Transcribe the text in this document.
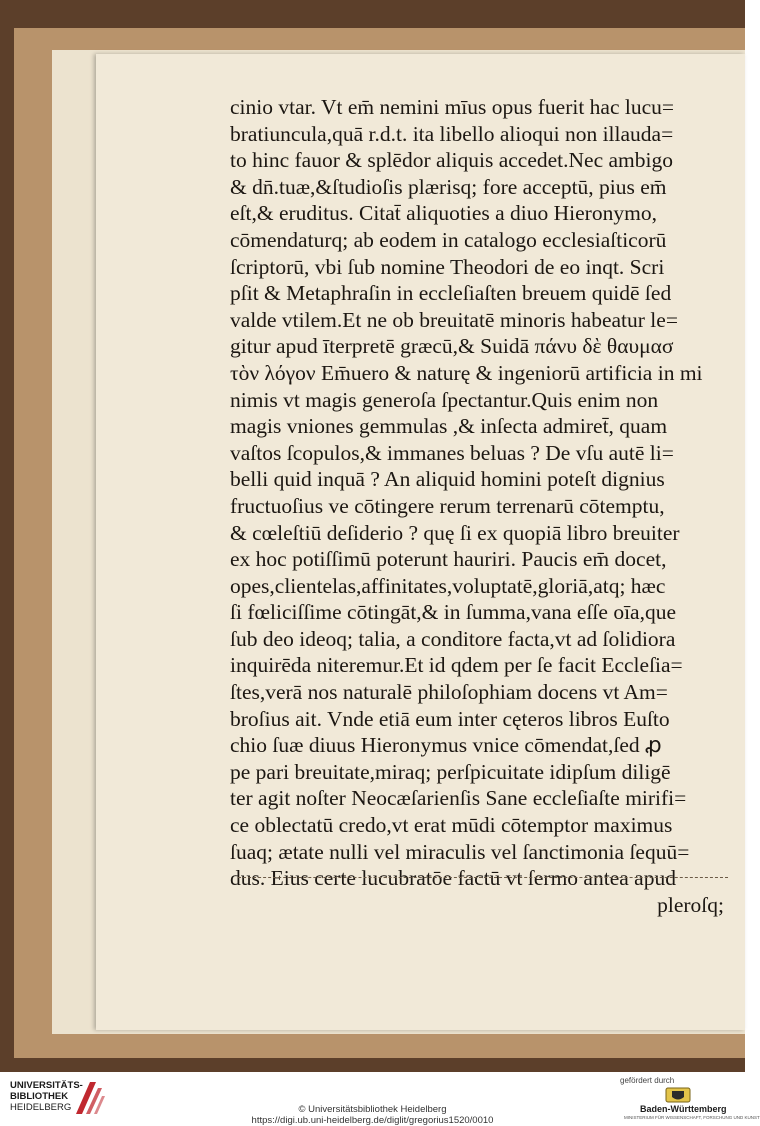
cinio vtar. Vt em̄ nemini mīus opus fuerit hac lucu=
bratiuncula,quā r.d.t. ita libello alioqui non illauda=
to hinc fauor & splēdor aliquis accedet.Nec ambigo
& dn̄.tuæ,&ſtudioſis plærisq; fore acceptū, pius em̄
eſt,& eruditus. Citat̄ aliquoties a diuo Hieronymo,
cōmendaturq; ab eodem in catalogo ecclesiaſticorū
ſcriptorū, vbi ſub nomine Theodori de eo inqt. Scri
pſit & Metaphraſin in eccleſiaſten breuem quidē ſed
valde vtilem.Et ne ob breuitatē minoris habeatur le=
gitur apud īterpretē græcū,& Suidā πάνυ δὲ θαυμασ
τὸν λόγον Em̄uero & naturę & ingeniorū artificia in mi
nimis vt magis generoſa ſpectantur.Quis enim non
magis vniones gemmulas ,& inſecta admiret̄, quam
vaſtos ſcopulos,& immanes beluas ? De vſu autē li=
belli quid inquā ? An aliquid homini poteſt dignius
fructuoſius ve cōtingere rerum terrenarū cōtemptu,
& cœleſtiū deſiderio ? quę ſi ex quopiā libro breuiter
ex hoc potiſſimū poterunt hauriri. Paucis em̄ docet,
opes,clientelas,affinitates,voluptatē,gloriā,atq; hæc
ſi fœliciſſime cōtingāt,& in ſumma,vana eſſe oīa,que
ſub deo ideoq; talia, a conditore facta,vt ad ſolidiora
inquirēda niteremur.Et id qdem per ſe facit Eccleſia=
ſtes,verā nos naturalē philoſophiam docens vt Am=
broſius ait. Vnde etiā eum inter cęteros libros Euſto
chio ſuæ diuus Hieronymus vnice cōmendat,ſed ꝓ
pe pari breuitate,miraq; perſpicuitate idipſum diligē
ter agit noſter Neocæſarienſis Sane eccleſiaſte mirifi=
ce oblectatū credo,vt erat mūdi cōtemptor maximus
ſuaq; ætate nulli vel miraculis vel ſanctimonia ſequū=
dus. Eius certe lucubratōe factū vt ſermo antea apud
pleroſq;
UNIVERSITÄTS-
BIBLIOTHEK
HEIDELBERG	© Universitätsbibliothek Heidelberg
https://digi.ub.uni-heidelberg.de/diglit/gregorius1520/0010
gefördert durch
Baden-Württemberg
MINISTERIUM FÜR WISSENSCHAFT, FORSCHUNG UND KUNST
